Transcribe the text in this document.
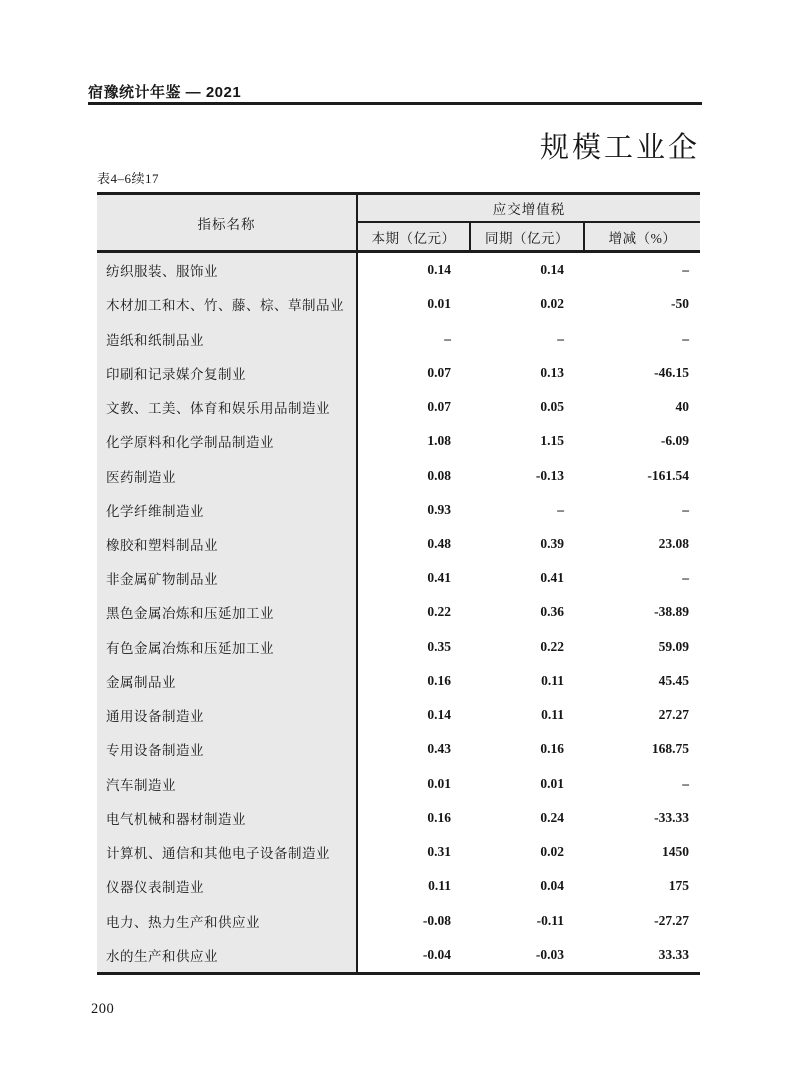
宿豫统计年鉴 — 2021
规模工业企
表4–6续17
指标名称
应交增值税
本期（亿元）	同期（亿元）	增减（%）
纺织服装、服饰业	0.14	0.14	–
木材加工和木、竹、藤、棕、草制品业	0.01	0.02	-50
造纸和纸制品业	–	–	–
印刷和记录媒介复制业	0.07	0.13	-46.15
文教、工美、体育和娱乐用品制造业	0.07	0.05	40
化学原料和化学制品制造业	1.08	1.15	-6.09
医药制造业	0.08	-0.13	-161.54
化学纤维制造业	0.93	–	–
橡胶和塑料制品业	0.48	0.39	23.08
非金属矿物制品业	0.41	0.41	–
黑色金属冶炼和压延加工业	0.22	0.36	-38.89
有色金属冶炼和压延加工业	0.35	0.22	59.09
金属制品业	0.16	0.11	45.45
通用设备制造业	0.14	0.11	27.27
专用设备制造业	0.43	0.16	168.75
汽车制造业	0.01	0.01	–
电气机械和器材制造业	0.16	0.24	-33.33
计算机、通信和其他电子设备制造业	0.31	0.02	1450
仪器仪表制造业	0.11	0.04	175
电力、热力生产和供应业	-0.08	-0.11	-27.27
水的生产和供应业	-0.04	-0.03	33.33
200
